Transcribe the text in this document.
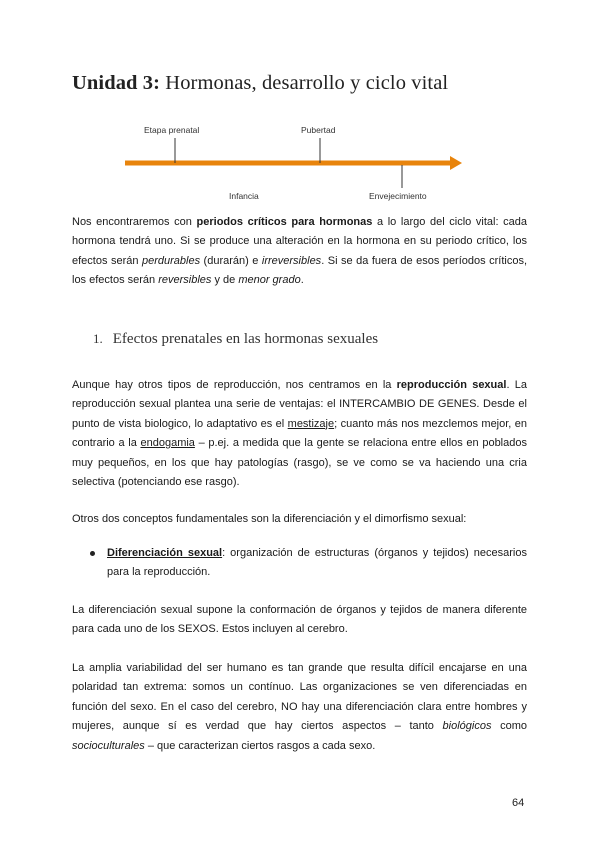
Unidad 3: Hormonas, desarrollo y ciclo vital
Etapa prenatal	Pubertad
Infancia	Envejecimiento
Nos encontraremos con periodos críticos para hormonas a lo largo del ciclo vital: cada hormona tendrá uno. Si se produce una alteración en la hormona en su periodo crítico, los efectos serán perdurables (durarán) e irreversibles. Si se da fuera de esos períodos críticos, los efectos serán reversibles y de menor grado.
1. Efectos prenatales en las hormonas sexuales
Aunque hay otros tipos de reproducción, nos centramos en la reproducción sexual. La reproducción sexual plantea una serie de ventajas: el INTERCAMBIO DE GENES. Desde el punto de vista biologico, lo adaptativo es el mestizaje; cuanto más nos mezclemos mejor, en contrario a la endogamia – p.ej. a medida que la gente se relaciona entre ellos en poblados muy pequeños, en los que hay patologías (rasgo), se ve como se va haciendo una cria selectiva (potenciando ese rasgo).
Otros dos conceptos fundamentales son la diferenciación y el dimorfismo sexual:
Diferenciación sexual: organización de estructuras (órganos y tejidos) necesarios para la reproducción.
La diferenciación sexual supone la conformación de órganos y tejidos de manera diferente para cada uno de los SEXOS. Estos incluyen al cerebro.
La amplia variabilidad del ser humano es tan grande que resulta difícil encajarse en una polaridad tan extrema: somos un contínuo. Las organizaciones se ven diferenciadas en función del sexo. En el caso del cerebro, NO hay una diferenciación clara entre hombres y mujeres, aunque sí es verdad que hay ciertos aspectos – tanto biológicos como socioculturales – que caracterizan ciertos rasgos a cada sexo.
64
